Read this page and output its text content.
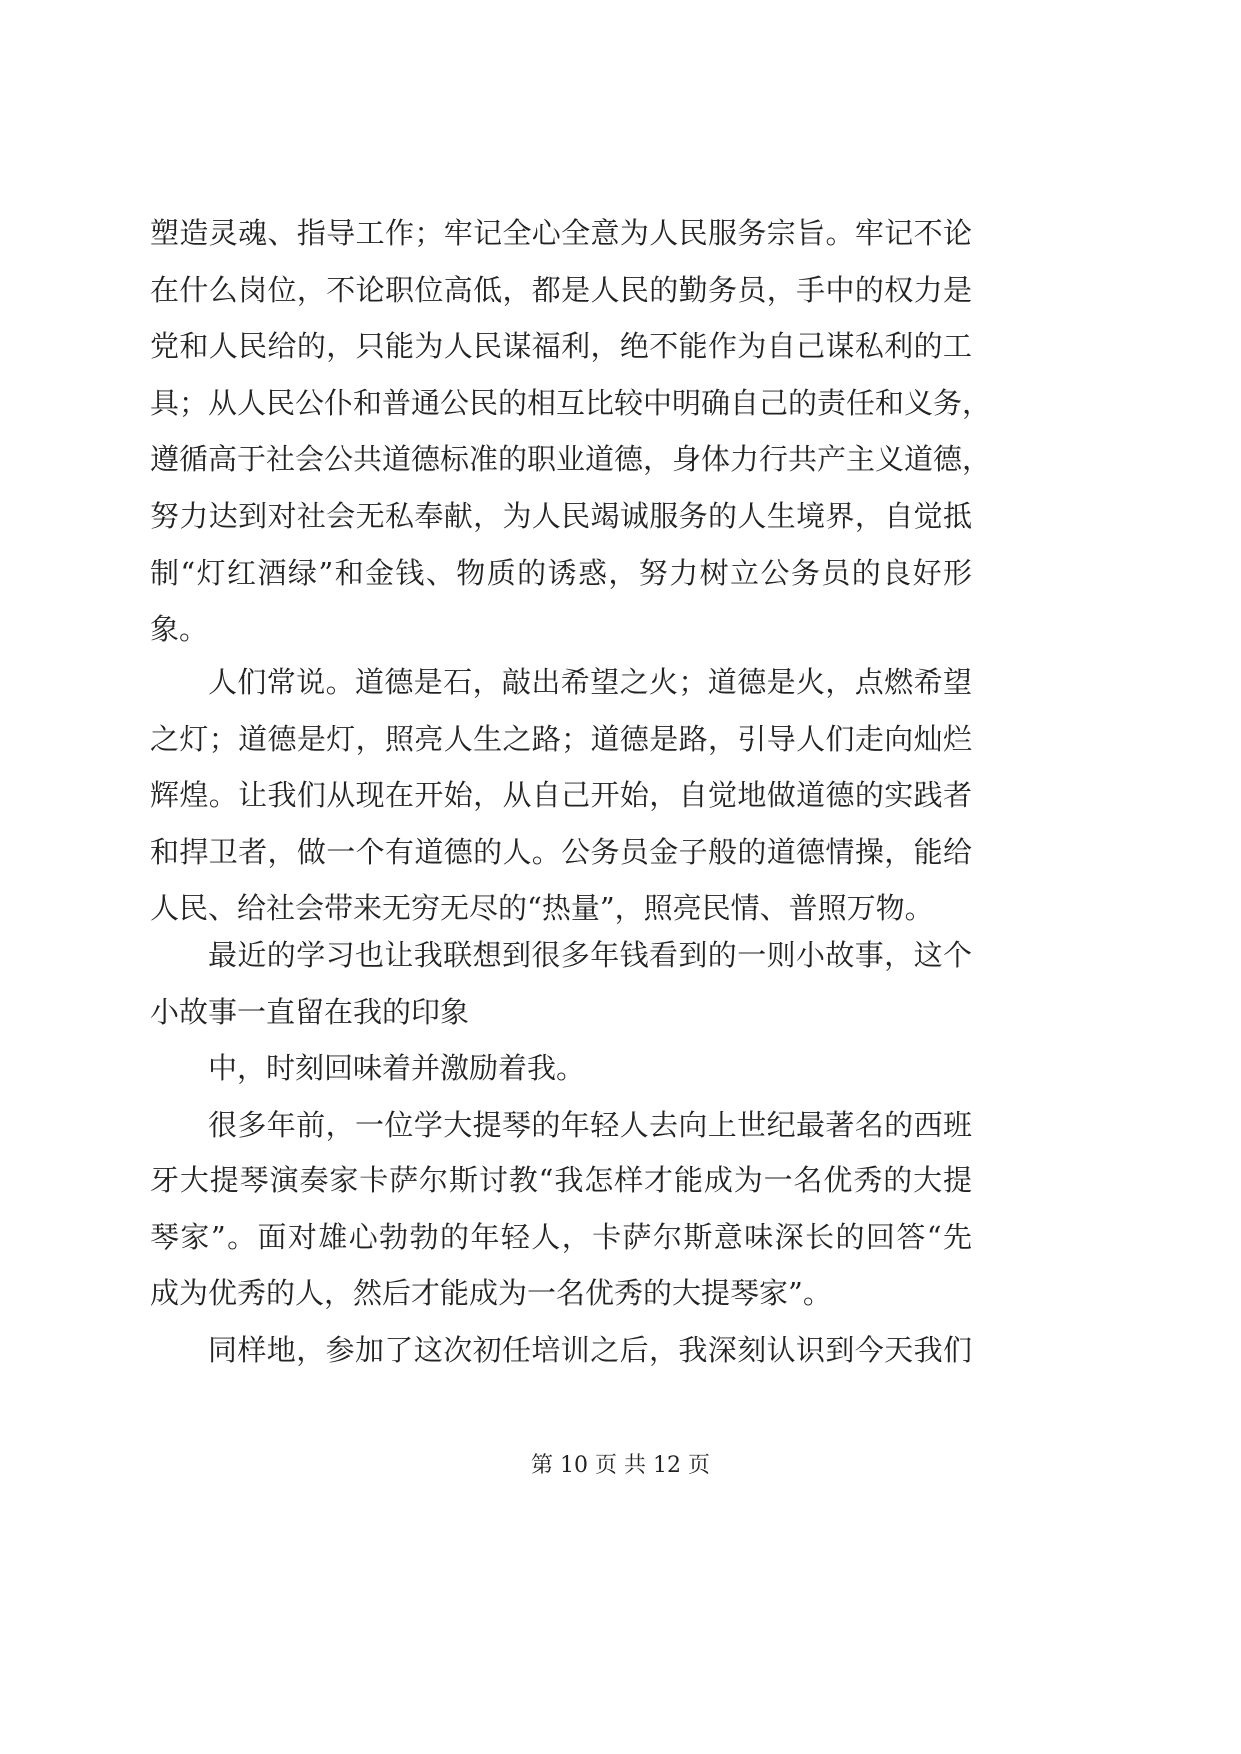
塑造灵魂、指导工作；牢记全心全意为人民服务宗旨。牢记不论
在什么岗位，不论职位高低，都是人民的勤务员，手中的权力是
党和人民给的，只能为人民谋福利，绝不能作为自己谋私利的工
具；从人民公仆和普通公民的相互比较中明确自己的责任和义务，
遵循高于社会公共道德标准的职业道德，身体力行共产主义道德，
努力达到对社会无私奉献，为人民竭诚服务的人生境界，自觉抵
制“灯红酒绿”和金钱、物质的诱惑，努力树立公务员的良好形
象。
人们常说。道德是石，敲出希望之火；道德是火，点燃希望
之灯；道德是灯，照亮人生之路；道德是路，引导人们走向灿烂
辉煌。让我们从现在开始，从自己开始，自觉地做道德的实践者
和捍卫者，做一个有道德的人。公务员金子般的道德情操，能给
人民、给社会带来无穷无尽的“热量”，照亮民情、普照万物。
最近的学习也让我联想到很多年钱看到的一则小故事，这个
小故事一直留在我的印象
中，时刻回味着并激励着我。
很多年前，一位学大提琴的年轻人去向上世纪最著名的西班
牙大提琴演奏家卡萨尔斯讨教“我怎样才能成为一名优秀的大提
琴家”。面对雄心勃勃的年轻人，卡萨尔斯意味深长的回答“先
成为优秀的人，然后才能成为一名优秀的大提琴家”。
同样地，参加了这次初任培训之后，我深刻认识到今天我们
第 10 页 共 12 页
